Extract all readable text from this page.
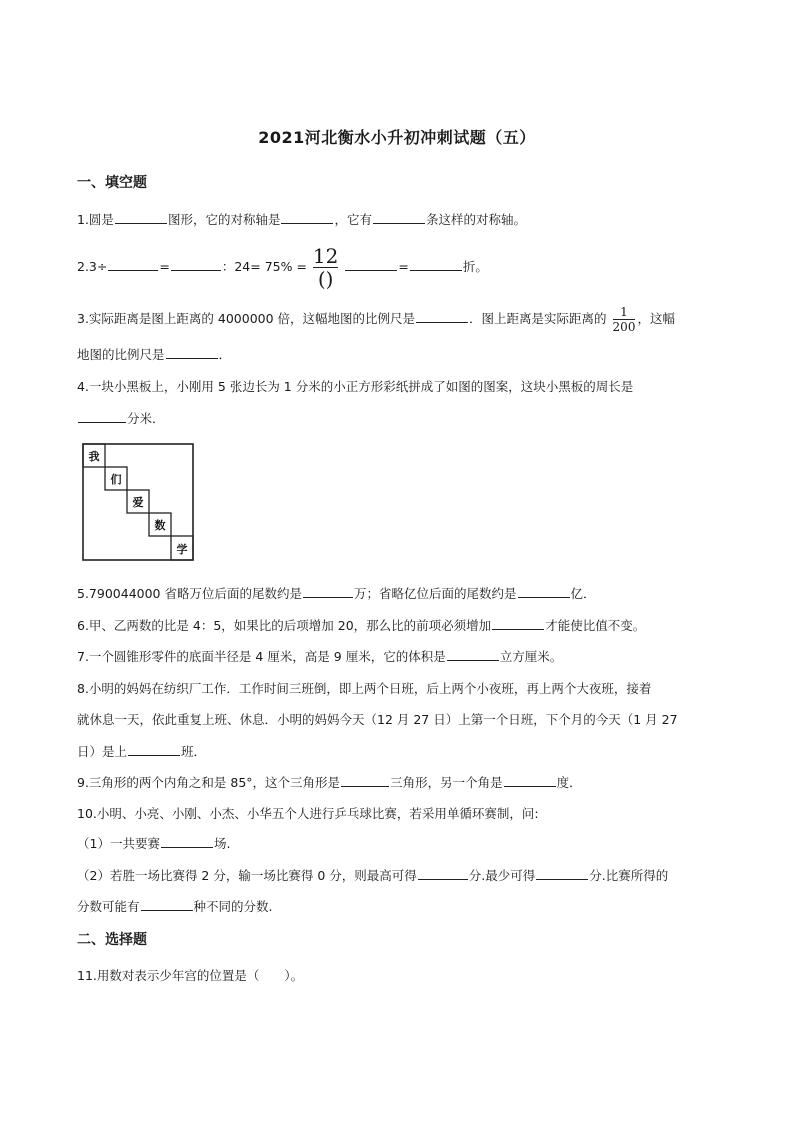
2021河北衡水小升初冲刺试题（五）
一、填空题
1.圆是	图形，它的对称轴是	，它有	条这样的对称轴。
2.3÷	=	：$24= 75\% = \frac{12}{()}$	=	折。
3.实际距离是图上距离的 4000000 倍，这幅地图的比例尺是	．图上距离是实际距离的 $\frac{1}{200}$ ，这幅
地图的比例尺是	．
4.一块小黑板上，小刚用 5 张边长为 1 分米的小正方形彩纸拼成了如图的图案，这块小黑板的周长是
分米．
我
们
爱
数
学
5.790044000 省略万位后面的尾数约是	万；省略亿位后面的尾数约是	亿．
6.甲、乙两数的比是 4：5，如果比的后项增加 20，那么比的前项必须增加	才能使比值不变。
7.一个圆锥形零件的底面半径是 4 厘米，高是 9 厘米，它的体积是	立方厘米。
8.小明的妈妈在纺织厂工作．工作时间三班倒，即上两个日班，后上两个小夜班，再上两个大夜班，接着
就休息一天，依此重复上班、休息．小明的妈妈今天（12 月 27 日）上第一个日班，下个月的今天（1 月 27
日）是上	班．
9.三角形的两个内角之和是 85°，这个三角形是	三角形，另一个角是	度．
10.小明、小亮、小刚、小杰、小华五个人进行乒乓球比赛，若采用单循环赛制，问:
（1）一共要赛	场.
（2）若胜一场比赛得 2 分，输一场比赛得 0 分，则最高可得	分.最少可得	分.比赛所得的
分数可能有	种不同的分数.
二、选择题
11.用数对表示少年宫的位置是（　　）。
